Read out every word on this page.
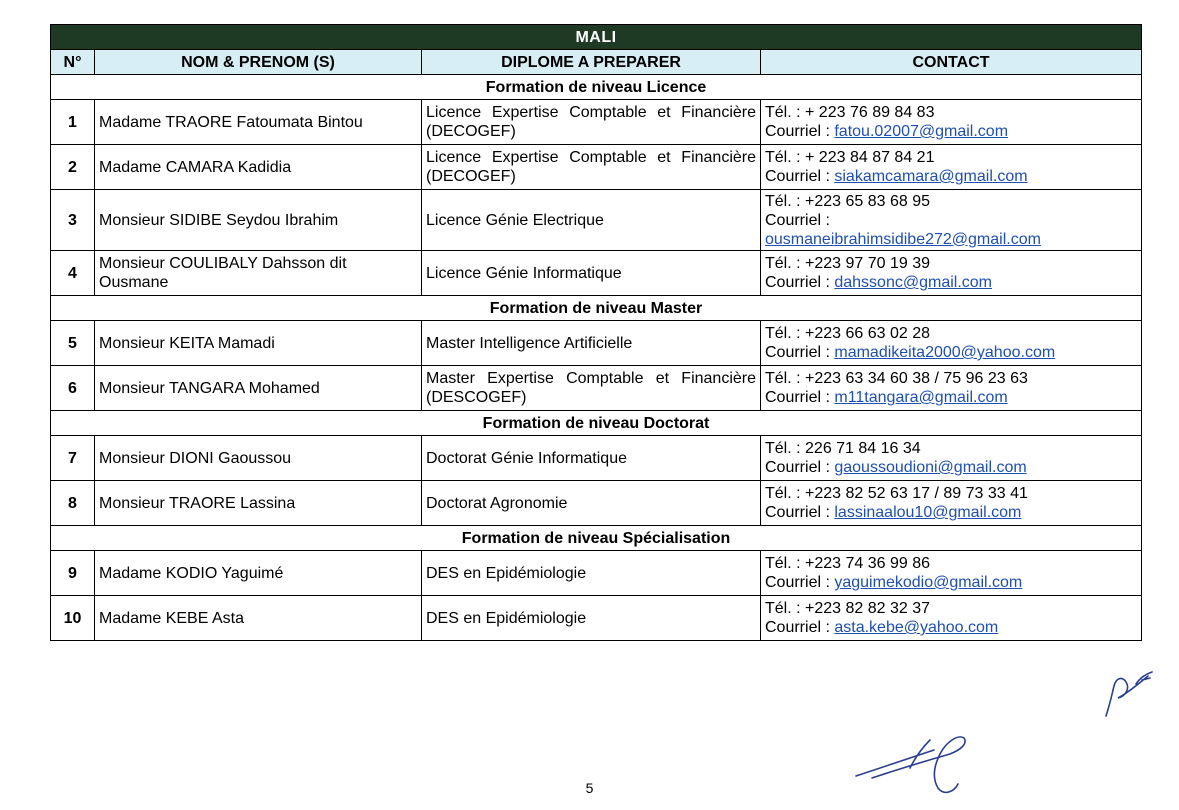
MALI			
N°	NOM & PRENOM (S)	DIPLOME A PREPARER	CONTACT
Formation de niveau Licence			
1	Madame TRAORE Fatoumata Bintou	Licence Expertise Comptable et Financière (DECOGEF)	Tél. : + 223 76 89 84 83
Courriel : fatou.02007@gmail.com

2	Madame CAMARA Kadidia	Licence Expertise Comptable et Financière (DECOGEF)	Tél. : + 223 84 87 84 21
Courriel : siakamcamara@gmail.com

3	Monsieur SIDIBE Seydou Ibrahim	Licence Génie Electrique	Tél. : +223 65 83 68 95
Courriel :
ousmaneibrahimsidibe272@gmail.com

4	Monsieur COULIBALY Dahsson dit Ousmane	Licence Génie Informatique	Tél. : +223 97 70 19 39
Courriel : dahssonc@gmail.com

Formation de niveau Master			
5	Monsieur KEITA Mamadi	Master Intelligence Artificielle	Tél. : +223 66 63 02 28
Courriel : mamadikeita2000@yahoo.com

6	Monsieur TANGARA Mohamed	Master Expertise Comptable et Financière (DESCOGEF)	Tél. : +223 63 34 60 38 / 75 96 23 63
Courriel : m11tangara@gmail.com

Formation de niveau Doctorat			
7	Monsieur DIONI Gaoussou	Doctorat Génie Informatique	Tél. : 226 71 84 16 34
Courriel : gaoussoudioni@gmail.com

8	Monsieur TRAORE Lassina	Doctorat Agronomie	Tél. : +223 82 52 63 17 / 89 73 33 41
Courriel : lassinaalou10@gmail.com

Formation de niveau Spécialisation			
9	Madame KODIO Yaguimé	DES en Epidémiologie	Tél. : +223 74 36 99 86
Courriel : yaguimekodio@gmail.com

10	Madame KEBE Asta	DES en Epidémiologie	Tél. : +223 82 82 32 37
Courriel : asta.kebe@yahoo.com
5
